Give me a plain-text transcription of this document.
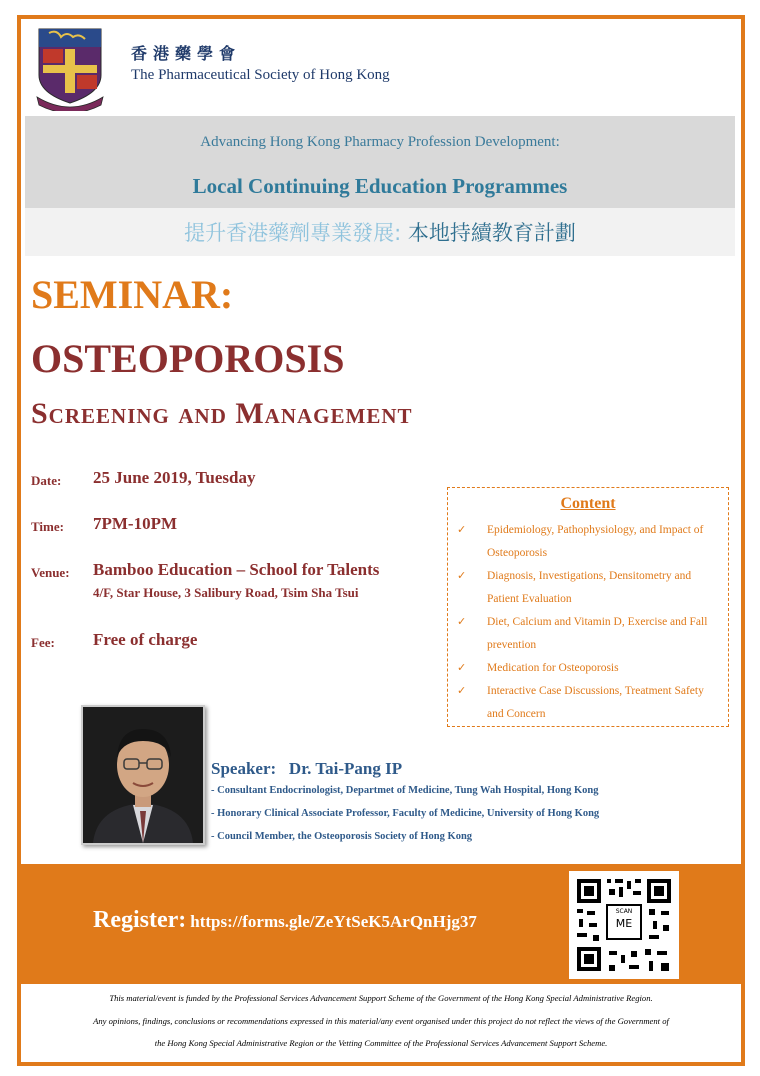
香港藥學會
The Pharmaceutical Society of Hong Kong
Advancing Hong Kong Pharmacy Profession Development:
Local Continuing Education Programmes
提升香港藥劑專業發展: 本地持續教育計劃
SEMINAR:
OSTEOPOROSIS
Screening and Management
Date: 25 June 2019, Tuesday
Time: 7PM-10PM
Venue: Bamboo Education – School for Talents
4/F, Star House, 3 Salibury Road, Tsim Sha Tsui
Fee: Free of charge
Content
✓ Epidemiology, Pathophysiology, and Impact of Osteoporosis
✓ Diagnosis, Investigations, Densitometry and Patient Evaluation
✓ Diet, Calcium and Vitamin D, Exercise and Fall prevention
✓ Medication for Osteoporosis
✓ Interactive Case Discussions, Treatment Safety and Concern
Speaker: Dr. Tai-Pang IP
- Consultant Endocrinologist, Departmet of Medicine, Tung Wah Hospital, Hong Kong
- Honorary Clinical Associate Professor, Faculty of Medicine, University of Hong Kong
- Council Member, the Osteoporosis Society of Hong Kong
Register: https://forms.gle/ZeYtSeK5ArQnHjg37
SCAN
ME
This material/event is funded by the Professional Services Advancement Support Scheme of the Government of the Hong Kong Special Administrative Region.
Any opinions, findings, conclusions or recommendations expressed in this material/any event organised under this project do not reflect the views of the Government of
the Hong Kong Special Administrative Region or the Vetting Committee of the Professional Services Advancement Support Scheme.
